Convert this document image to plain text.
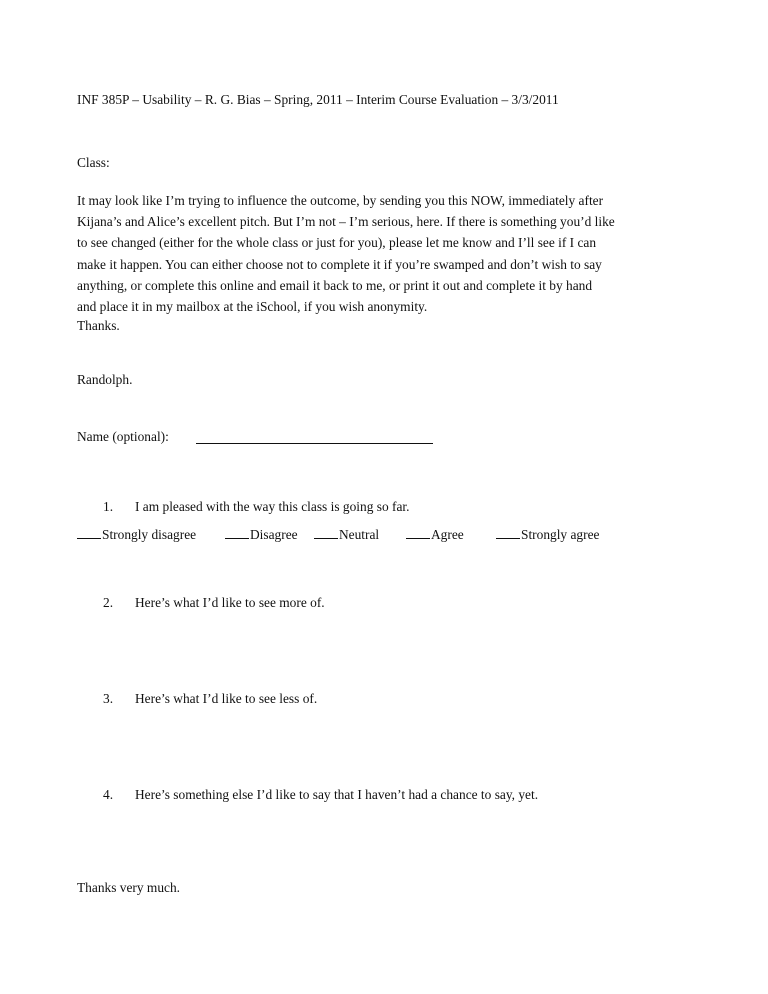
INF 385P – Usability – R. G. Bias – Spring, 2011 – Interim Course Evaluation – 3/3/2011
Class:
It may look like I’m trying to influence the outcome, by sending you this NOW, immediately after
Kijana’s and Alice’s excellent pitch. But I’m not – I’m serious, here. If there is something you’d like
to see changed (either for the whole class or just for you), please let me know and I’ll see if I can
make it happen. You can either choose not to complete it if you’re swamped and don’t wish to say
anything, or complete this online and email it back to me, or print it out and complete it by hand
and place it in my mailbox at the iSchool, if you wish anonymity.
Thanks.
Randolph.
Name (optional):
1. I am pleased with the way this class is going so far.
Strongly disagree	Disagree	Neutral	Agree	Strongly agree
2. Here’s what I’d like to see more of.
3. Here’s what I’d like to see less of.
4. Here’s something else I’d like to say that I haven’t had a chance to say, yet.
Thanks very much.
